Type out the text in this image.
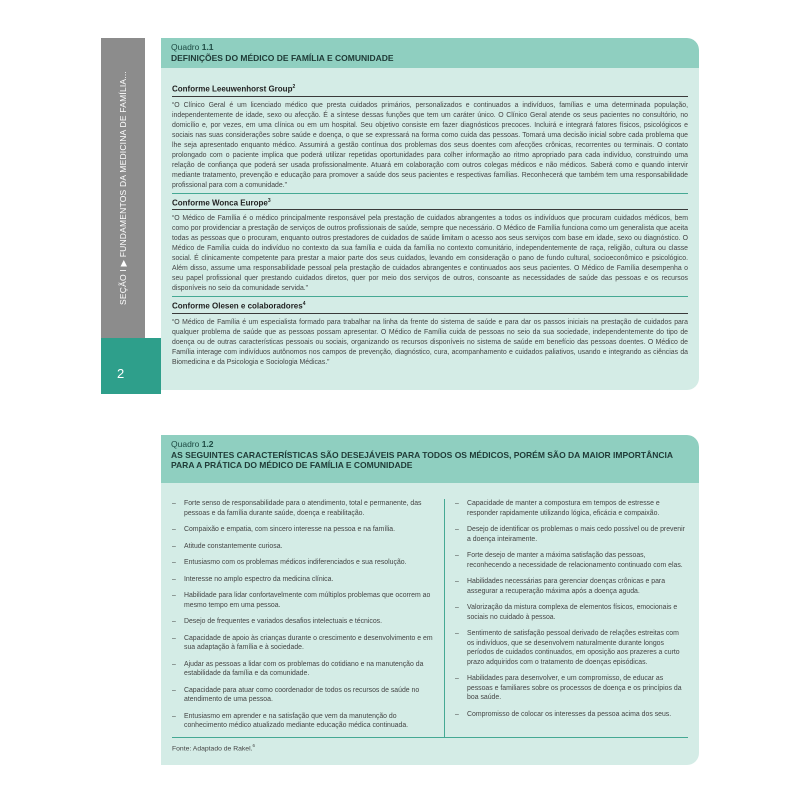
SEÇÃO I ▶ FUNDAMENTOS DA MEDICINA DE FAMÍLIA...
2
Quadro 1.1
DEFINIÇÕES DO MÉDICO DE FAMÍLIA E COMUNIDADE
Conforme Leeuwenhorst Group$^2$
“O Clínico Geral é um licenciado médico que presta cuidados primários, personalizados e continuados a indivíduos, famílias e uma determinada população, independentemente de idade, sexo ou afecção. É a síntese dessas funções que tem um caráter único. O Clínico Geral atende os seus pacientes no consultório, no domicílio e, por vezes, em uma clínica ou em um hospital. Seu objetivo consiste em fazer diagnósticos precoces. Incluirá e integrará fatores físicos, psicológicos e sociais nas suas considerações sobre saúde e doença, o que se expressará na forma como cuida das pessoas. Tomará uma decisão inicial sobre cada problema que lhe seja apresentado enquanto médico. Assumirá a gestão contínua dos problemas dos seus doentes com afecções crônicas, recorrentes ou terminais. O contato prolongado com o paciente implica que poderá utilizar repetidas oportunidades para colher informação ao ritmo apropriado para cada indivíduo, construindo uma relação de confiança que poderá ser usada profissionalmente. Atuará em colaboração com outros colegas médicos e não médicos. Saberá como e quando intervir mediante tratamento, prevenção e educação para promover a saúde dos seus pacientes e respectivas famílias. Reconhecerá que também tem uma responsabilidade profissional para com a comunidade.”
Conforme Wonca Europe$^3$
“O Médico de Família é o médico principalmente responsável pela prestação de cuidados abrangentes a todos os indivíduos que procuram cuidados médicos, bem como por providenciar a prestação de serviços de outros profissionais de saúde, sempre que necessário. O Médico de Família funciona como um generalista que aceita todas as pessoas que o procuram, enquanto outros prestadores de cuidados de saúde limitam o acesso aos seus serviços com base em idade, sexo ou diagnóstico. O Médico de Família cuida do indivíduo no contexto da sua família e cuida da família no contexto comunitário, independentemente de raça, religião, cultura ou classe social. É clinicamente competente para prestar a maior parte dos seus cuidados, levando em consideração o pano de fundo cultural, socioeconômico e psicológico. Além disso, assume uma responsabilidade pessoal pela prestação de cuidados abrangentes e continuados aos seus pacientes. O Médico de Família desempenha o seu papel profissional quer prestando cuidados diretos, quer por meio dos serviços de outros, consoante as necessidades de saúde das pessoas e os recursos disponíveis no seio da comunidade servida.”
Conforme Olesen e colaboradores$^4$
“O Médico de Família é um especialista formado para trabalhar na linha da frente do sistema de saúde e para dar os passos iniciais na prestação de cuidados para qualquer problema de saúde que as pessoas possam apresentar. O Médico de Família cuida de pessoas no seio da sua sociedade, independentemente do tipo de doença ou de outras características pessoais ou sociais, organizando os recursos disponíveis no sistema de saúde em benefício das pessoas doentes. O Médico de Família interage com indivíduos autônomos nos campos de prevenção, diagnóstico, cura, acompanhamento e cuidados paliativos, usando e integrando as ciências da Biomedicina e da Psicologia e Sociologia Médicas.”
Quadro 1.2
AS SEGUINTES CARACTERÍSTICAS SÃO DESEJÁVEIS PARA TODOS OS MÉDICOS, PORÉM SÃO DA MAIOR IMPORTÂNCIA PARA A PRÁTICA DO MÉDICO DE FAMÍLIA E COMUNIDADE
–	Forte senso de responsabilidade para o atendimento, total e permanente, das pessoas e da família durante saúde, doença e reabilitação.
–	Compaixão e empatia, com sincero interesse na pessoa e na família.
–	Atitude constantemente curiosa.
–	Entusiasmo com os problemas médicos indiferenciados e sua resolução.
–	Interesse no amplo espectro da medicina clínica.
–	Habilidade para lidar confortavelmente com múltiplos problemas que ocorrem ao mesmo tempo em uma pessoa.
–	Desejo de frequentes e variados desafios intelectuais e técnicos.
–	Capacidade de apoio às crianças durante o crescimento e desenvolvimento e em sua adaptação à família e à sociedade.
–	Ajudar as pessoas a lidar com os problemas do cotidiano e na manutenção da estabilidade da família e da comunidade.
–	Capacidade para atuar como coordenador de todos os recursos de saúde no atendimento de uma pessoa.
–	Entusiasmo em aprender e na satisfação que vem da manutenção do conhecimento médico atualizado mediante educação médica continuada.
–	Capacidade de manter a compostura em tempos de estresse e responder rapidamente utilizando lógica, eficácia e compaixão.
–	Desejo de identificar os problemas o mais cedo possível ou de prevenir a doença inteiramente.
–	Forte desejo de manter a máxima satisfação das pessoas, reconhecendo a necessidade de relacionamento continuado com elas.
–	Habilidades necessárias para gerenciar doenças crônicas e para assegurar a recuperação máxima após a doença aguda.
–	Valorização da mistura complexa de elementos físicos, emocionais e sociais no cuidado à pessoa.
–	Sentimento de satisfação pessoal derivado de relações estreitas com os indivíduos, que se desenvolvem naturalmente durante longos períodos de cuidados continuados, em oposição aos prazeres a curto prazo adquiridos com o tratamento de doenças episódicas.
–	Habilidades para desenvolver, e um compromisso, de educar as pessoas e familiares sobre os processos de doença e os princípios da boa saúde.
–	Compromisso de colocar os interesses da pessoa acima dos seus.
Fonte: Adaptado de Rakel.$^6$
